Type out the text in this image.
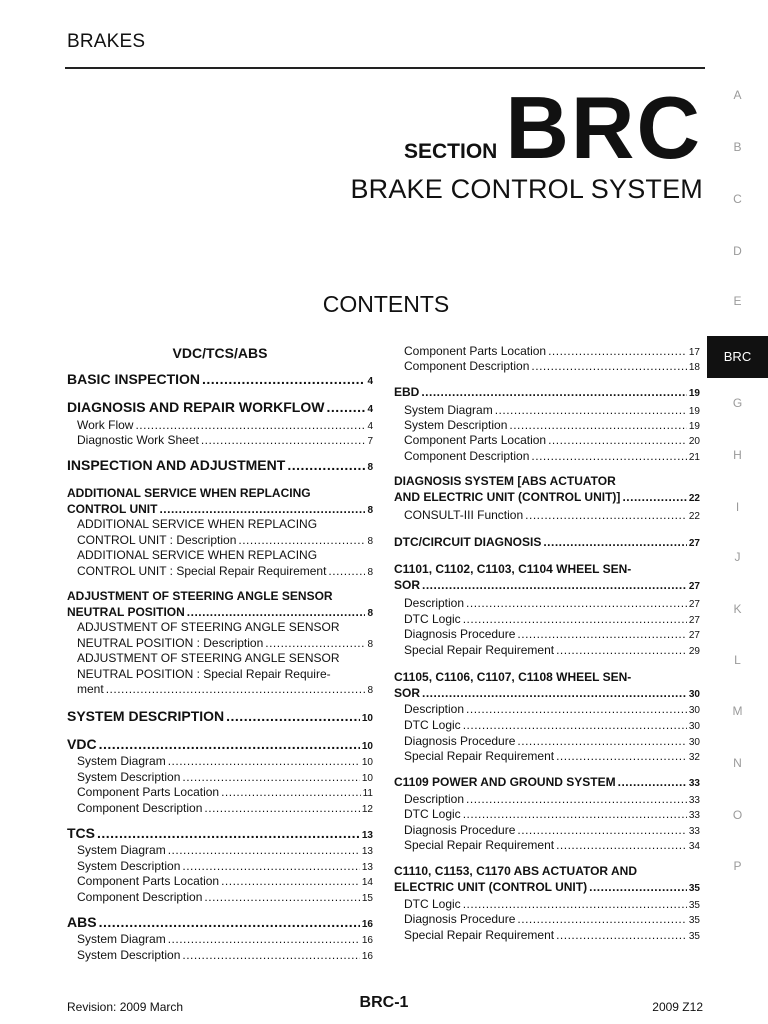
BRAKES
SECTIONBRC
BRAKE CONTROL SYSTEM
CONTENTS
A
B
C
D
E
BRC
G
H
I
J
K
L
M
N
O
P
VDC/TCS/ABS
BASIC INSPECTION .....	4
DIAGNOSIS AND REPAIR WORKFLOW .....	4
Work Flow .....	4
Diagnostic Work Sheet .....	7
INSPECTION AND ADJUSTMENT .....	8
ADDITIONAL SERVICE WHEN REPLACING
CONTROL UNIT .....	8
ADDITIONAL SERVICE WHEN REPLACING
CONTROL UNIT : Description .....	8
ADDITIONAL SERVICE WHEN REPLACING
CONTROL UNIT : Special Repair Requirement .....	8
ADJUSTMENT OF STEERING ANGLE SENSOR
NEUTRAL POSITION .....	8
ADJUSTMENT OF STEERING ANGLE SENSOR
NEUTRAL POSITION : Description .....	8
ADJUSTMENT OF STEERING ANGLE SENSOR
NEUTRAL POSITION : Special Repair Require-
ment .....	8
SYSTEM DESCRIPTION .....	10
VDC .....	10
System Diagram .....	10
System Description .....	10
Component Parts Location .....	11
Component Description .....	12
TCS .....	13
System Diagram .....	13
System Description .....	13
Component Parts Location .....	14
Component Description .....	15
ABS .....	16
System Diagram .....	16
System Description .....	16
Component Parts Location .....	17
Component Description .....	18
EBD .....	19
System Diagram .....	19
System Description .....	19
Component Parts Location .....	20
Component Description .....	21
DIAGNOSIS SYSTEM [ABS ACTUATOR
AND ELECTRIC UNIT (CONTROL UNIT)] .....	22
CONSULT-III Function .....	22
DTC/CIRCUIT DIAGNOSIS .....	27
C1101, C1102, C1103, C1104 WHEEL SEN-
SOR .....	27
Description .....	27
DTC Logic .....	27
Diagnosis Procedure .....	27
Special Repair Requirement .....	29
C1105, C1106, C1107, C1108 WHEEL SEN-
SOR .....	30
Description .....	30
DTC Logic .....	30
Diagnosis Procedure .....	30
Special Repair Requirement .....	32
C1109 POWER AND GROUND SYSTEM .....	33
Description .....	33
DTC Logic .....	33
Diagnosis Procedure .....	33
Special Repair Requirement .....	34
C1110, C1153, C1170 ABS ACTUATOR AND
ELECTRIC UNIT (CONTROL UNIT) .....	35
DTC Logic .....	35
Diagnosis Procedure .....	35
Special Repair Requirement .....	35
Revision: 2009 March	BRC-1	2009 Z12
